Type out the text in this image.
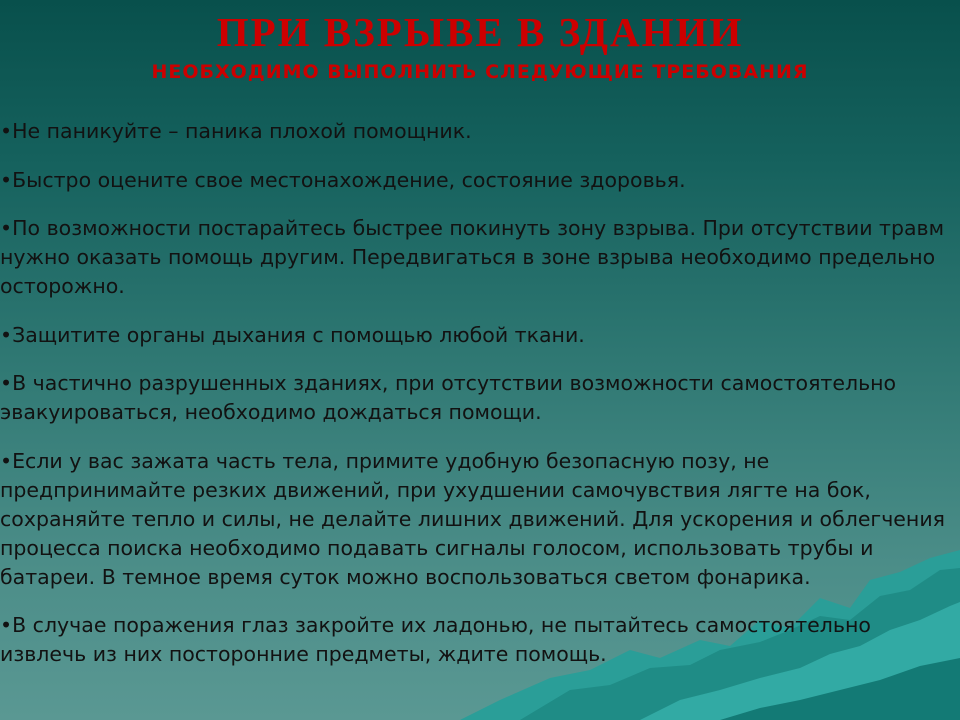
ПРИ ВЗРЫВЕ В ЗДАНИИ
НЕОБХОДИМО ВЫПОЛНИТЬ СЛЕДУЮЩИЕ ТРЕБОВАНИЯ
•Не паникуйте – паника плохой помощник.
•Быстро оцените свое местонахождение, состояние здоровья.
•По возможности постарайтесь быстрее покинуть зону взрыва. При отсутствии травм нужно оказать помощь другим. Передвигаться в зоне взрыва необходимо предельно осторожно.
•Защитите органы дыхания с помощью любой ткани.
•В частично разрушенных зданиях, при отсутствии возможности самостоятельно эвакуироваться, необходимо дождаться помощи.
•Если у вас зажата часть тела, примите удобную безопасную позу, не предпринимайте резких движений, при ухудшении самочувствия лягте на бок, сохраняйте тепло и силы, не делайте лишних движений. Для ускорения и облегчения процесса поиска необходимо подавать сигналы голосом, использовать трубы и батареи. В темное время суток можно воспользоваться светом фонарика.
•В случае поражения глаз закройте их ладонью, не пытайтесь самостоятельно извлечь из них посторонние предметы, ждите помощь.
